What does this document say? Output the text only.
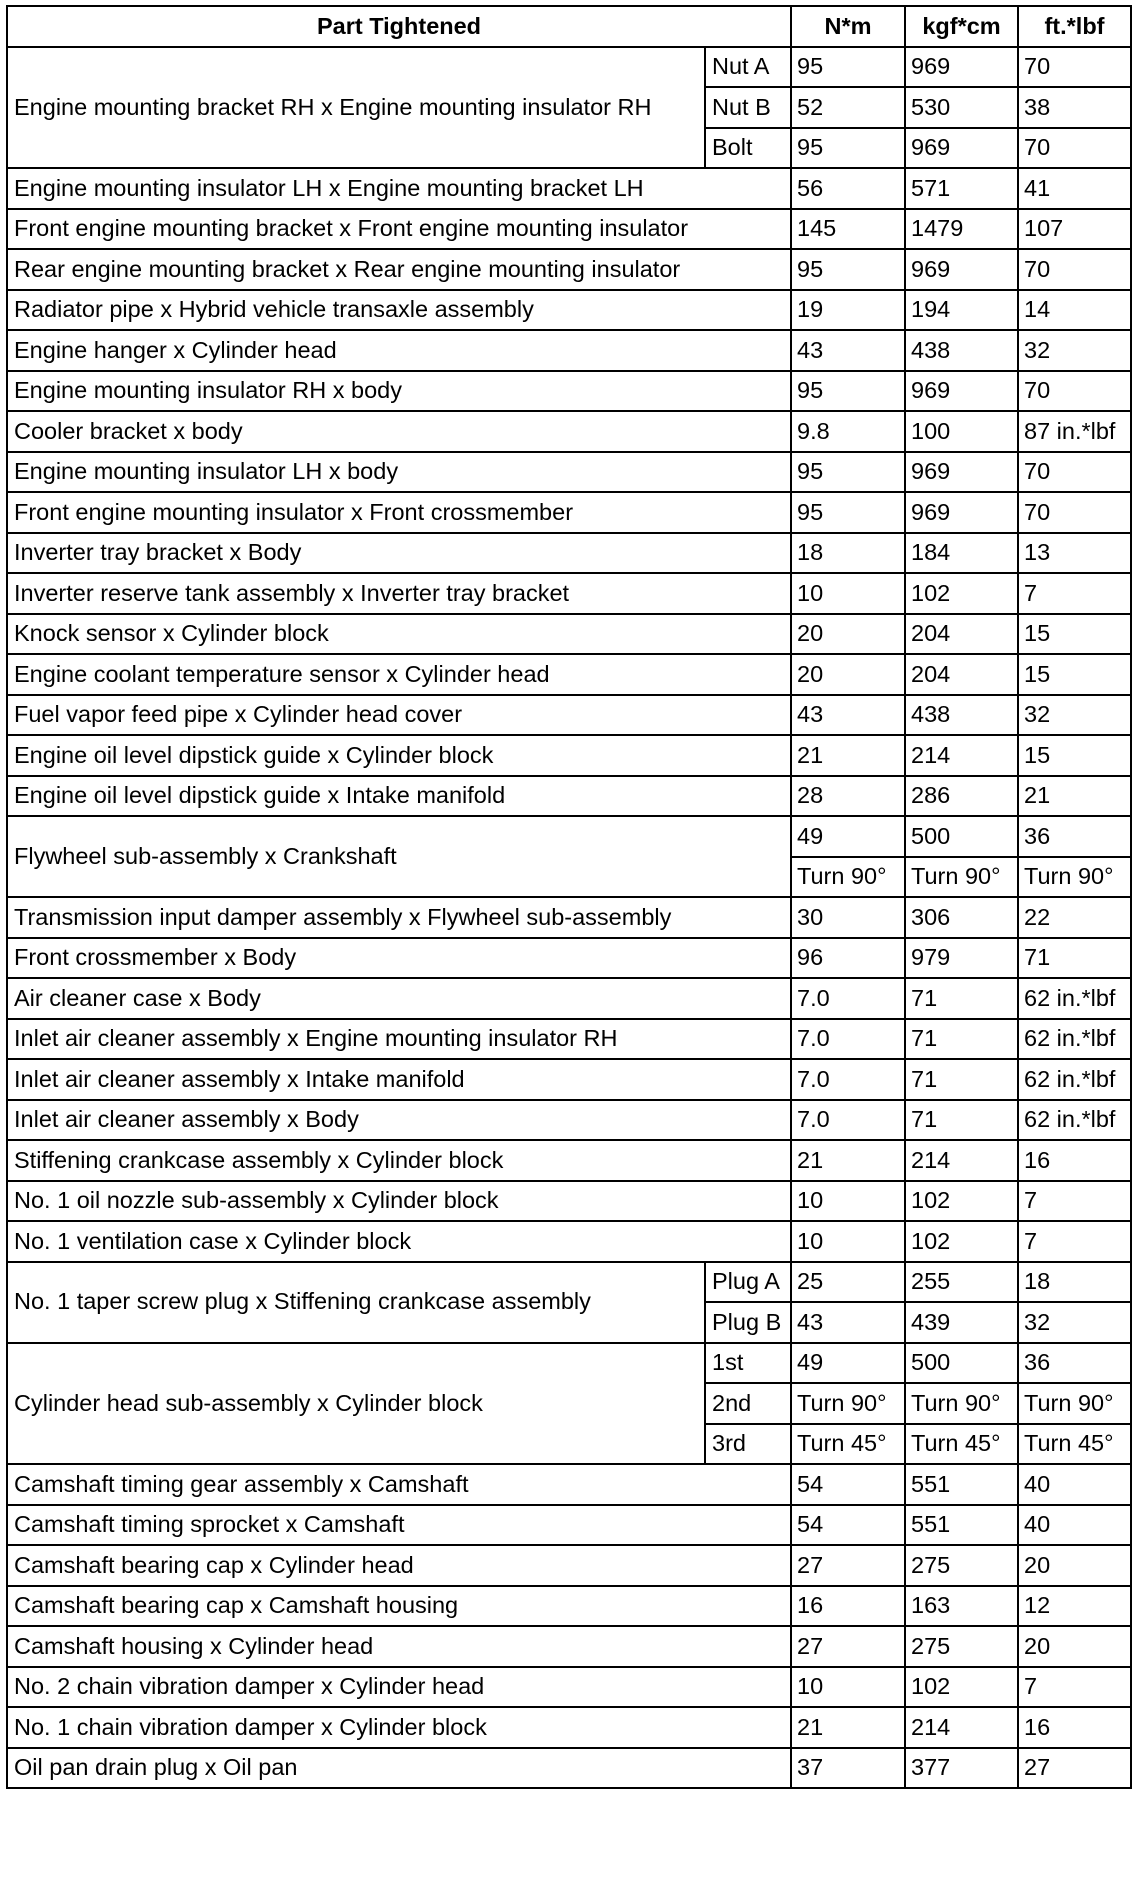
Part Tightened		N*m	kgf*cm	ft.*lbf
Engine mounting bracket RH x Engine mounting insulator RH	Nut A	95	969	70
	Nut B	52	530	38
	Bolt	95	969	70
Engine mounting insulator LH x Engine mounting bracket LH		56	571	41
Front engine mounting bracket x Front engine mounting insulator		145	1479	107
Rear engine mounting bracket x Rear engine mounting insulator		95	969	70
Radiator pipe x Hybrid vehicle transaxle assembly		19	194	14
Engine hanger x Cylinder head		43	438	32
Engine mounting insulator RH x body		95	969	70
Cooler bracket x body		9.8	100	87 in.*lbf
Engine mounting insulator LH x body		95	969	70
Front engine mounting insulator x Front crossmember		95	969	70
Inverter tray bracket x Body		18	184	13
Inverter reserve tank assembly x Inverter tray bracket		10	102	7
Knock sensor x Cylinder block		20	204	15
Engine coolant temperature sensor x Cylinder head		20	204	15
Fuel vapor feed pipe x Cylinder head cover		43	438	32
Engine oil level dipstick guide x Cylinder block		21	214	15
Engine oil level dipstick guide x Intake manifold		28	286	21
Flywheel sub-assembly x Crankshaft		49	500	36
		Turn 90°	Turn 90°	Turn 90°
Transmission input damper assembly x Flywheel sub-assembly		30	306	22
Front crossmember x Body		96	979	71
Air cleaner case x Body		7.0	71	62 in.*lbf
Inlet air cleaner assembly x Engine mounting insulator RH		7.0	71	62 in.*lbf
Inlet air cleaner assembly x Intake manifold		7.0	71	62 in.*lbf
Inlet air cleaner assembly x Body		7.0	71	62 in.*lbf
Stiffening crankcase assembly x Cylinder block		21	214	16
No. 1 oil nozzle sub-assembly x Cylinder block		10	102	7
No. 1 ventilation case x Cylinder block		10	102	7
No. 1 taper screw plug x Stiffening crankcase assembly	Plug A	25	255	18
	Plug B	43	439	32
Cylinder head sub-assembly x Cylinder block	1st	49	500	36
	2nd	Turn 90°	Turn 90°	Turn 90°
	3rd	Turn 45°	Turn 45°	Turn 45°
Camshaft timing gear assembly x Camshaft		54	551	40
Camshaft timing sprocket x Camshaft		54	551	40
Camshaft bearing cap x Cylinder head		27	275	20
Camshaft bearing cap x Camshaft housing		16	163	12
Camshaft housing x Cylinder head		27	275	20
No. 2 chain vibration damper x Cylinder head		10	102	7
No. 1 chain vibration damper x Cylinder block		21	214	16
Oil pan drain plug x Oil pan		37	377	27
